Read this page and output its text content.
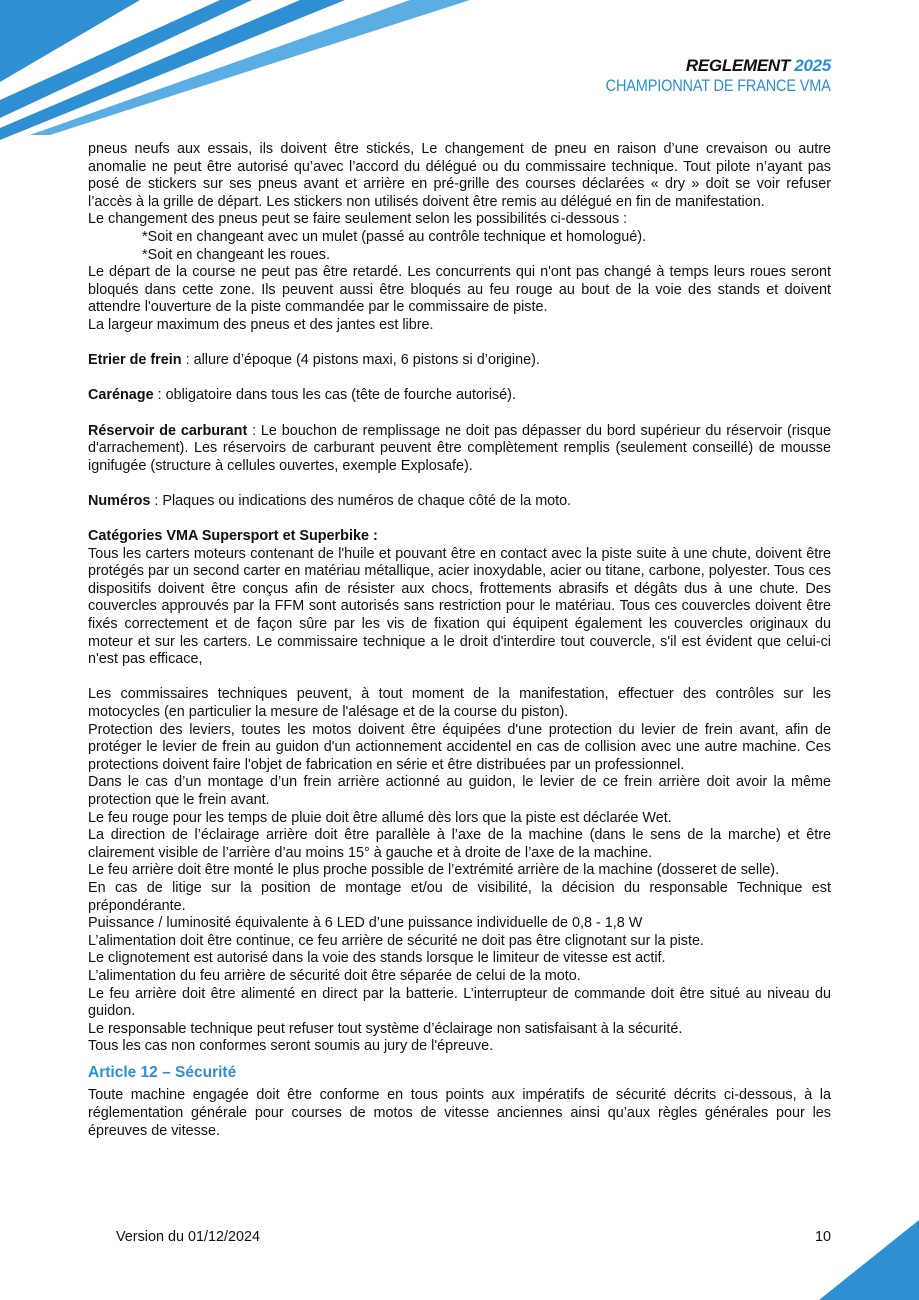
REGLEMENT 2025
CHAMPIONNAT DE FRANCE VMA

pneus neufs aux essais, ils doivent être stickés, Le changement de pneu en raison d’une crevaison ou autre anomalie ne peut être autorisé qu’avec l’accord du délégué ou du commissaire technique. Tout pilote n’ayant pas posé de stickers sur ses pneus avant et arrière en pré-grille des courses déclarées « dry » doit se voir refuser l’accès à la grille de départ. Les stickers non utilisés doivent être remis au délégué en fin de manifestation.

Le changement des pneus peut se faire seulement selon les possibilités ci-dessous :

*Soit en changeant avec un mulet (passé au contrôle technique et homologué).

*Soit en changeant les roues.

Le départ de la course ne peut pas être retardé. Les concurrents qui n'ont pas changé à temps leurs roues seront bloqués dans cette zone. Ils peuvent aussi être bloqués au feu rouge au bout de la voie des stands et doivent attendre l'ouverture de la piste commandée par le commissaire de piste.

La largeur maximum des pneus et des jantes est libre.

Etrier de frein : allure d’époque (4 pistons maxi, 6 pistons si d’origine).

Carénage : obligatoire dans tous les cas (tête de fourche autorisé).

Réservoir de carburant : Le bouchon de remplissage ne doit pas dépasser du bord supérieur du réservoir (risque d'arrachement). Les réservoirs de carburant peuvent être complètement remplis (seulement conseillé) de mousse ignifugée (structure à cellules ouvertes, exemple Explosafe).

Numéros : Plaques ou indications des numéros de chaque côté de la moto.

Catégories VMA Supersport et Superbike :

Tous les carters moteurs contenant de l'huile et pouvant être en contact avec la piste suite à une chute, doivent être protégés par un second carter en matériau métallique, acier inoxydable, acier ou titane, carbone, polyester. Tous ces dispositifs doivent être conçus afin de résister aux chocs, frottements abrasifs et dégâts dus à une chute. Des couvercles approuvés par la FFM sont autorisés sans restriction pour le matériau. Tous ces couvercles doivent être fixés correctement et de façon sûre par les vis de fixation qui équipent également les couvercles originaux du moteur et sur les carters. Le commissaire technique a le droit d'interdire tout couvercle, s'il est évident que celui-ci n'est pas efficace,

Les commissaires techniques peuvent, à tout moment de la manifestation, effectuer des contrôles sur les motocycles (en particulier la mesure de l'alésage et de la course du piston).

Protection des leviers, toutes les motos doivent être équipées d'une protection du levier de frein avant, afin de protéger le levier de frein au guidon d'un actionnement accidentel en cas de collision avec une autre machine. Ces protections doivent faire l'objet de fabrication en série et être distribuées par un professionnel.

Dans le cas d’un montage d’un frein arrière actionné au guidon, le levier de ce frein arrière doit avoir la même protection que le frein avant.

Le feu rouge pour les temps de pluie doit être allumé dès lors que la piste est déclarée Wet.

La direction de l’éclairage arrière doit être parallèle à l’axe de la machine (dans le sens de la marche) et être clairement visible de l’arrière d’au moins 15° à gauche et à droite de l’axe de la machine.

Le feu arrière doit être monté le plus proche possible de l’extrémité arrière de la machine (dosseret de selle).

En cas de litige sur la position de montage et/ou de visibilité, la décision du responsable Technique est prépondérante.

Puissance / luminosité équivalente à 6 LED d’une puissance individuelle de 0,8 - 1,8 W

L’alimentation doit être continue, ce feu arrière de sécurité ne doit pas être clignotant sur la piste.

Le clignotement est autorisé dans la voie des stands lorsque le limiteur de vitesse est actif.

L’alimentation du feu arrière de sécurité doit être séparée de celui de la moto.

Le feu arrière doit être alimenté en direct par la batterie. L’interrupteur de commande doit être situé au niveau du guidon.

Le responsable technique peut refuser tout système d’éclairage non satisfaisant à la sécurité.

Tous les cas non conformes seront soumis au jury de l'épreuve.

Article 12 – Sécurité

Toute machine engagée doit être conforme en tous points aux impératifs de sécurité décrits ci-dessous, à la réglementation générale pour courses de motos de vitesse anciennes ainsi qu’aux règles générales pour les épreuves de vitesse.

Version du 01/12/2024	10
